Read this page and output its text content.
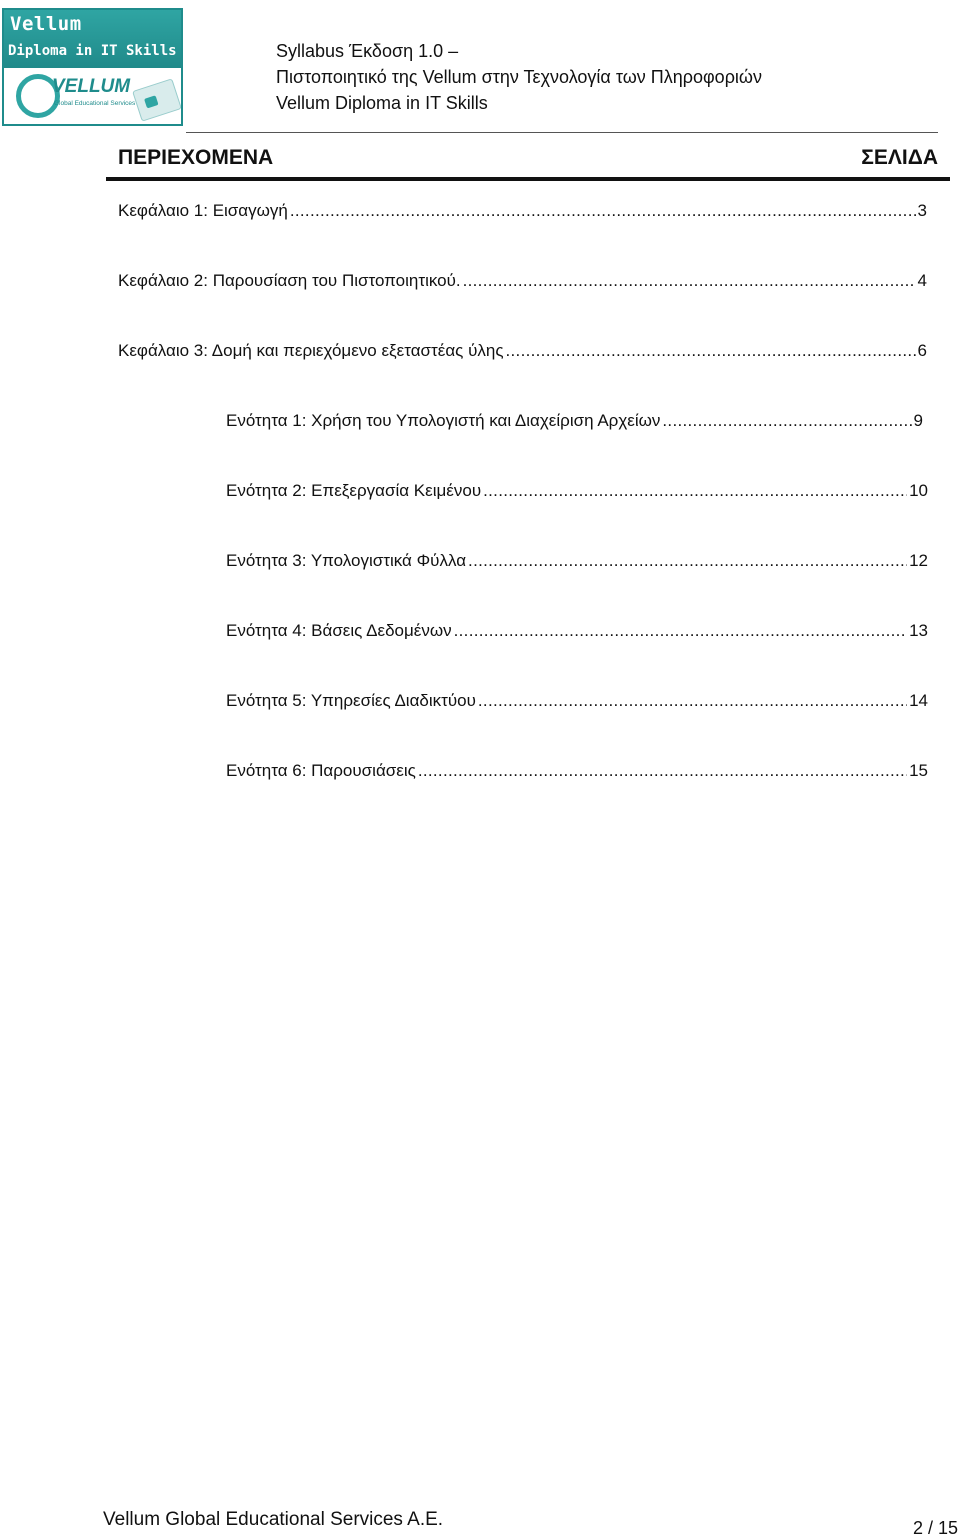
Vellum
Diploma in IT Skills
VELLUM
Global Educational Services
Syllabus Έκδοση 1.0 –
Πιστοποιητικό της Vellum στην Τεχνολογία των Πληροφοριών
Vellum Diploma in IT Skills
ΠΕΡΙΕΧΟΜΕΝΑ	ΣΕΛΙΔΑ
Κεφάλαιο 1: Εισαγωγή .....	3
Κεφάλαιο 2: Παρουσίαση του Πιστοποιητικού. .....	4
Κεφάλαιο 3: Δομή και περιεχόμενο εξεταστέας ύλης .....	6
Ενότητα 1: Χρήση του Υπολογιστή και Διαχείριση Αρχείων .....	9
Ενότητα 2: Επεξεργασία Κειμένου .....	10
Ενότητα 3: Υπολογιστικά Φύλλα .....	12
Ενότητα 4: Βάσεις Δεδομένων .....	13
Ενότητα 5: Υπηρεσίες Διαδικτύου .....	14
Ενότητα 6: Παρουσιάσεις .....	15
Vellum Global Educational Services A.E.	2 / 15
